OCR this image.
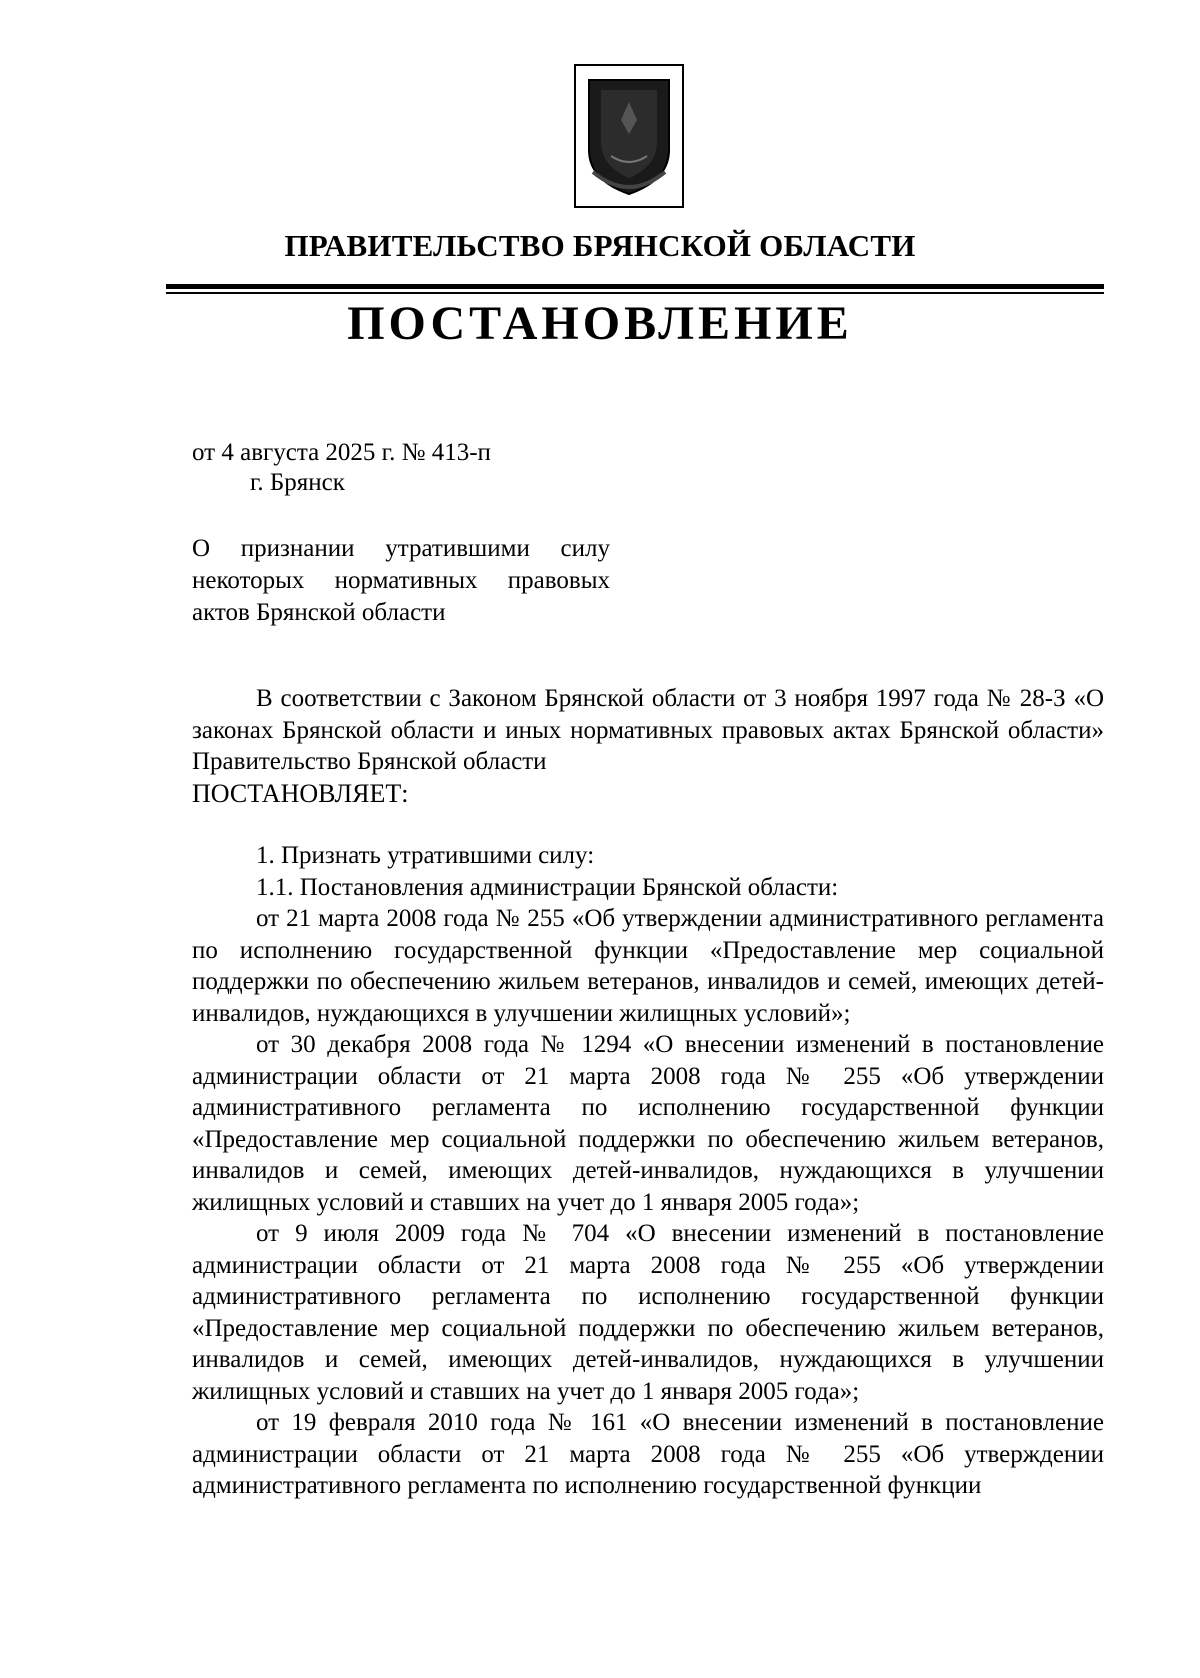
ПРАВИТЕЛЬСТВО БРЯНСКОЙ ОБЛАСТИ
ПОСТАНОВЛЕНИЕ
от 4 августа 2025 г. № 413-п
г. Брянск
О признании утратившими силу
некоторых нормативных правовых
актов Брянской области

В соответствии с Законом Брянской области от 3 ноября 1997 года № 28-З «О законах Брянской области и иных нормативных правовых актах Брянской области» Правительство Брянской области

ПОСТАНОВЛЯЕТ:

1. Признать утратившими силу:

1.1. Постановления администрации Брянской области:

от 21 марта 2008 года № 255 «Об утверждении административного регламента по исполнению государственной функции «Предоставление мер социальной поддержки по обеспечению жильем ветеранов, инвалидов и семей, имеющих детей-инвалидов, нуждающихся в улучшении жилищных условий»;

от 30 декабря 2008 года № 1294 «О внесении изменений в постановление администрации области от 21 марта 2008 года № 255 «Об утверждении административного регламента по исполнению государственной функции «Предоставление мер социальной поддержки по обеспечению жильем ветеранов, инвалидов и семей, имеющих детей-инвалидов, нуждающихся в улучшении жилищных условий и ставших на учет до 1 января 2005 года»;

от 9 июля 2009 года № 704 «О внесении изменений в постановление администрации области от 21 марта 2008 года № 255 «Об утверждении административного регламента по исполнению государственной функции «Предоставление мер социальной поддержки по обеспечению жильем ветеранов, инвалидов и семей, имеющих детей-инвалидов, нуждающихся в улучшении жилищных условий и ставших на учет до 1 января 2005 года»;

от 19 февраля 2010 года № 161 «О внесении изменений в постановление администрации области от 21 марта 2008 года № 255 «Об утверждении административного регламента по исполнению государственной функции
